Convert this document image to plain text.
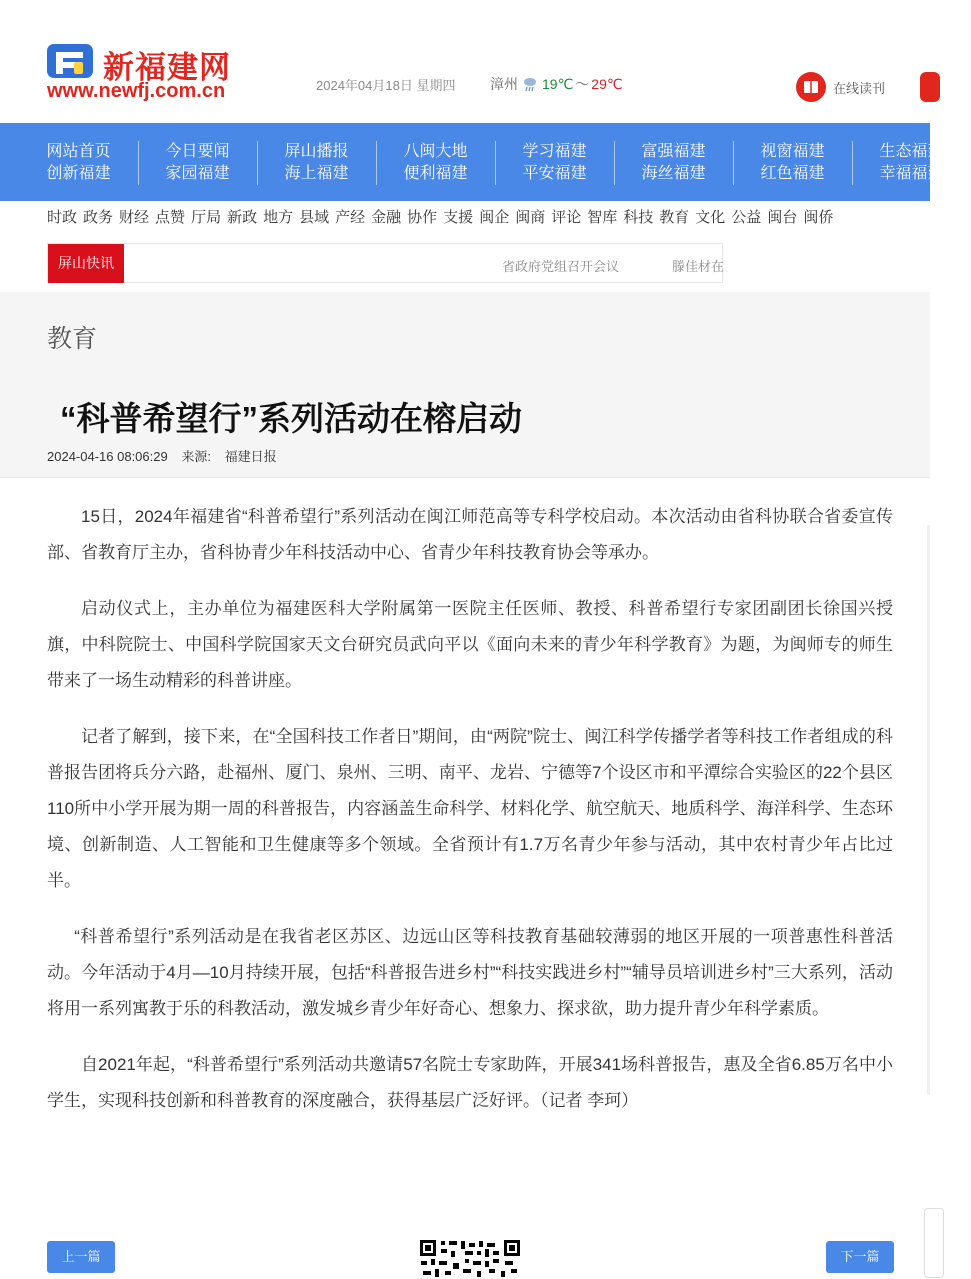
新福建网
www.newfj.com.cn	2024年04月18日 星期四 漳州 19℃ ～ 29℃	在线读刊
网站首页
创新福建
今日要闻
家园福建
屏山播报
海上福建
八闽大地
便利福建
学习福建
平安福建
富强福建
海丝福建
视窗福建
红色福建
生态福建
幸福福建
时政 政务 财经 点赞 厅局 新政 地方 县域 产经 金融 协作 支援 闽企 闽商 评论 智库 科技 教育 文化 公益 闽台 闽侨
屏山快讯	省政府党组召开会议	滕佳材在
教育
“科普希望行”系列活动在榕启动
2024-04-16 08:06:29 来源: 福建日报

15日，2024年福建省“科普希望行”系列活动在闽江师范高等专科学校启动。本次活动由省科协联合省委宣传部、省教育厅主办，省科协青少年科技活动中心、省青少年科技教育协会等承办。

启动仪式上，主办单位为福建医科大学附属第一医院主任医师、教授、科普希望行专家团副团长徐国兴授旗，中科院院士、中国科学院国家天文台研究员武向平以《面向未来的青少年科学教育》为题，为闽师专的师生带来了一场生动精彩的科普讲座。

记者了解到，接下来，在“全国科技工作者日”期间，由“两院”院士、闽江科学传播学者等科技工作者组成的科普报告团将兵分六路，赴福州、厦门、泉州、三明、南平、龙岩、宁德等7个设区市和平潭综合实验区的22个县区110所中小学开展为期一周的科普报告，内容涵盖生命科学、材料化学、航空航天、地质科学、海洋科学、生态环境、创新制造、人工智能和卫生健康等多个领域。全省预计有1.7万名青少年参与活动，其中农村青少年占比过半。

“科普希望行”系列活动是在我省老区苏区、边远山区等科技教育基础较薄弱的地区开展的一项普惠性科普活动。今年活动于4月—10月持续开展，包括“科普报告进乡村”“科技实践进乡村”“辅导员培训进乡村”三大系列，活动将用一系列寓教于乐的科教活动，激发城乡青少年好奇心、想象力、探求欲，助力提升青少年科学素质。

自2021年起，“科普希望行”系列活动共邀请57名院士专家助阵，开展341场科普报告，惠及全省6.85万名中小学生，实现科技创新和科普教育的深度融合，获得基层广泛好评。（记者 李珂）

上一篇	下一篇
